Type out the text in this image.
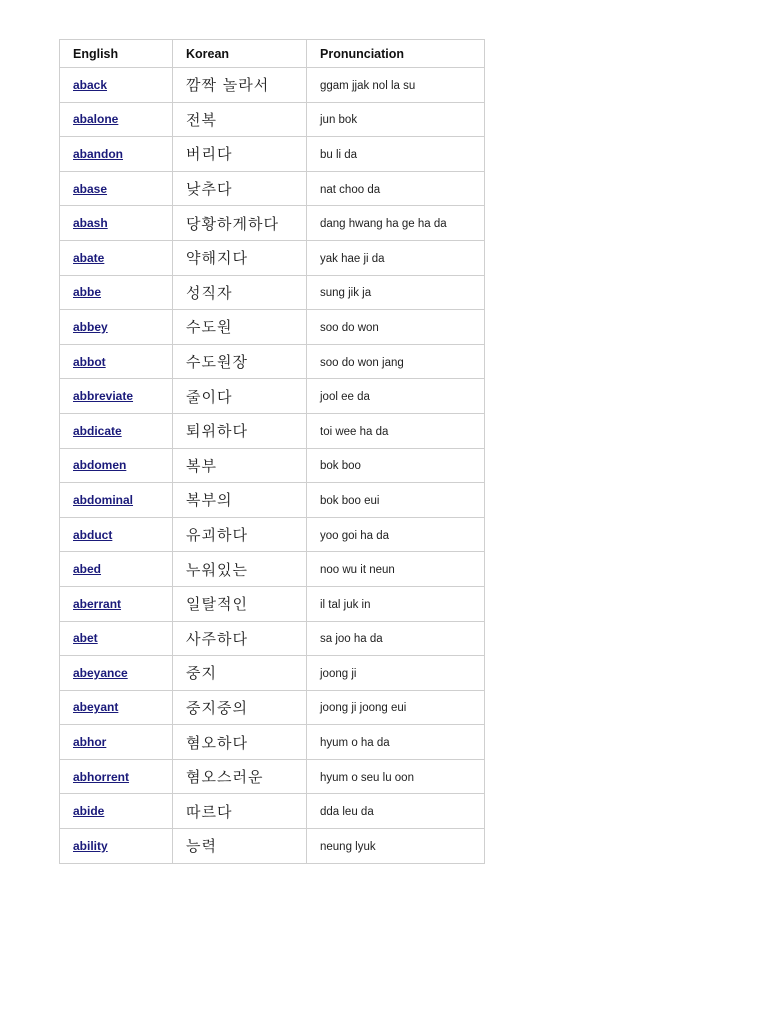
English	Korean	Pronunciation
aback	깜짝 놀라서	ggam jjak nol la su
abalone	전복	jun bok
abandon	버리다	bu li da
abase	낮추다	nat choo da
abash	당황하게하다	dang hwang ha ge ha da
abate	약해지다	yak hae ji da
abbe	성직자	sung jik ja
abbey	수도원	soo do won
abbot	수도원장	soo do won jang
abbreviate	줄이다	jool ee da
abdicate	퇴위하다	toi wee ha da
abdomen	복부	bok boo
abdominal	복부의	bok boo eui
abduct	유괴하다	yoo goi ha da
abed	누워있는	noo wu it neun
aberrant	일탈적인	il tal juk in
abet	사주하다	sa joo ha da
abeyance	중지	joong ji
abeyant	중지중의	joong ji joong eui
abhor	혐오하다	hyum o ha da
abhorrent	혐오스러운	hyum o seu lu oon
abide	따르다	dda leu da
ability	능력	neung lyuk
